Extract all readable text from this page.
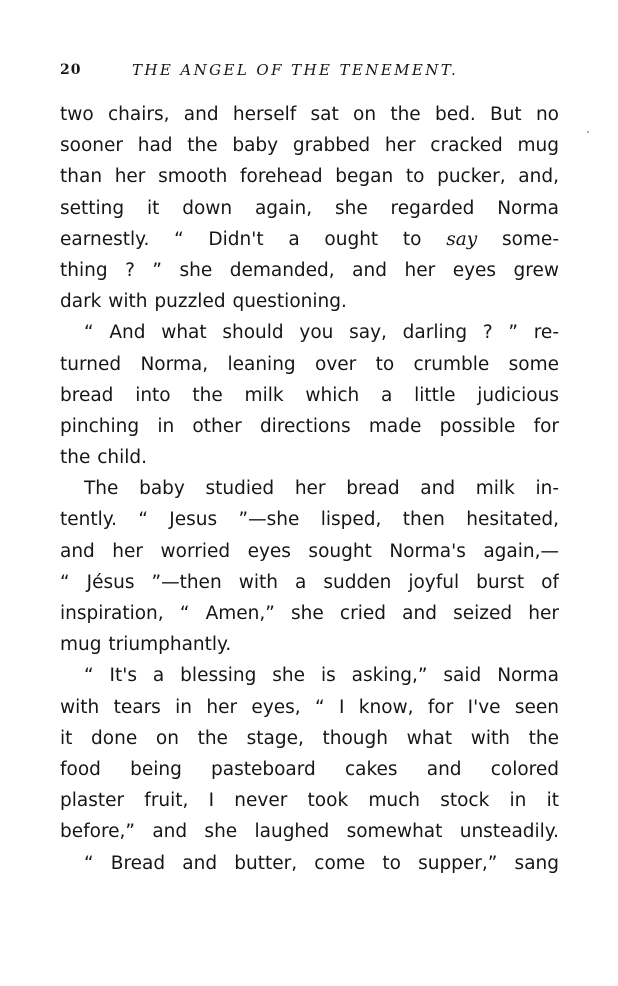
20	THE ANGEL OF THE TENEMENT.
two chairs, and herself sat on the bed. But no
sooner had the baby grabbed her cracked mug
than her smooth forehead began to pucker, and,
setting it down again, she regarded Norma
earnestly. “ Didn't a ought to say some-
thing ? ” she demanded, and her eyes grew
dark with puzzled questioning.
“ And what should you say, darling ? ” re-
turned Norma, leaning over to crumble some
bread into the milk which a little judicious
pinching in other directions made possible for
the child.
The baby studied her bread and milk in-
tently. “ Jesus ”—she lisped, then hesitated,
and her worried eyes sought Norma's again,—
“ Jésus ”—then with a sudden joyful burst of
inspiration, “ Amen,” she cried and seized her
mug triumphantly.
“ It's a blessing she is asking,” said Norma
with tears in her eyes, “ I know, for I've seen
it done on the stage, though what with the
food being pasteboard cakes and colored
plaster fruit, I never took much stock in it
before,” and she laughed somewhat unsteadily.
“ Bread and butter, come to supper,” sang
